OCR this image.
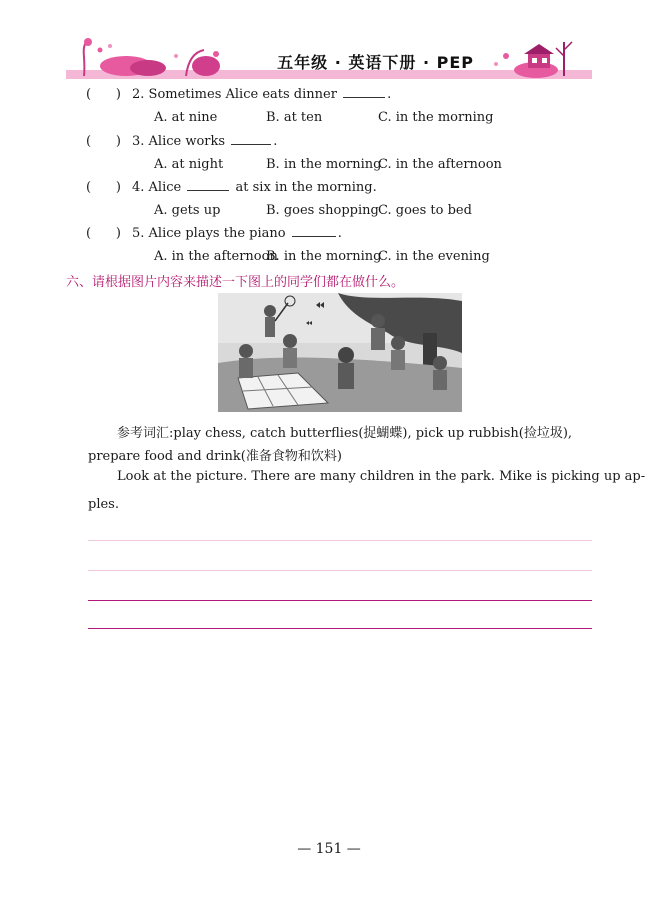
五年级 · 英语下册 · PEP
( ) 2. Sometimes Alice eats dinner	.
A. at nine	B. at ten	C. in the morning
( ) 3. Alice works	.
A. at night	B. in the morning
C. in the afternoon
( ) 4. Alice	at six in the morning.
A. gets up	B. goes shopping C. goes to bed
( ) 5. Alice plays the piano	.
A. in the afternoon
B. in the morning
C. in the evening
六、请根据图片内容来描述一下图上的同学们都在做什么。
参考词汇:play chess, catch butterflies(捉蝴蝶), pick up rubbish(捡垃圾),
prepare food and drink(准备食物和饮料)
Look at the picture. There are many children in the park. Mike is picking up ap-
ples.
— 151 —
